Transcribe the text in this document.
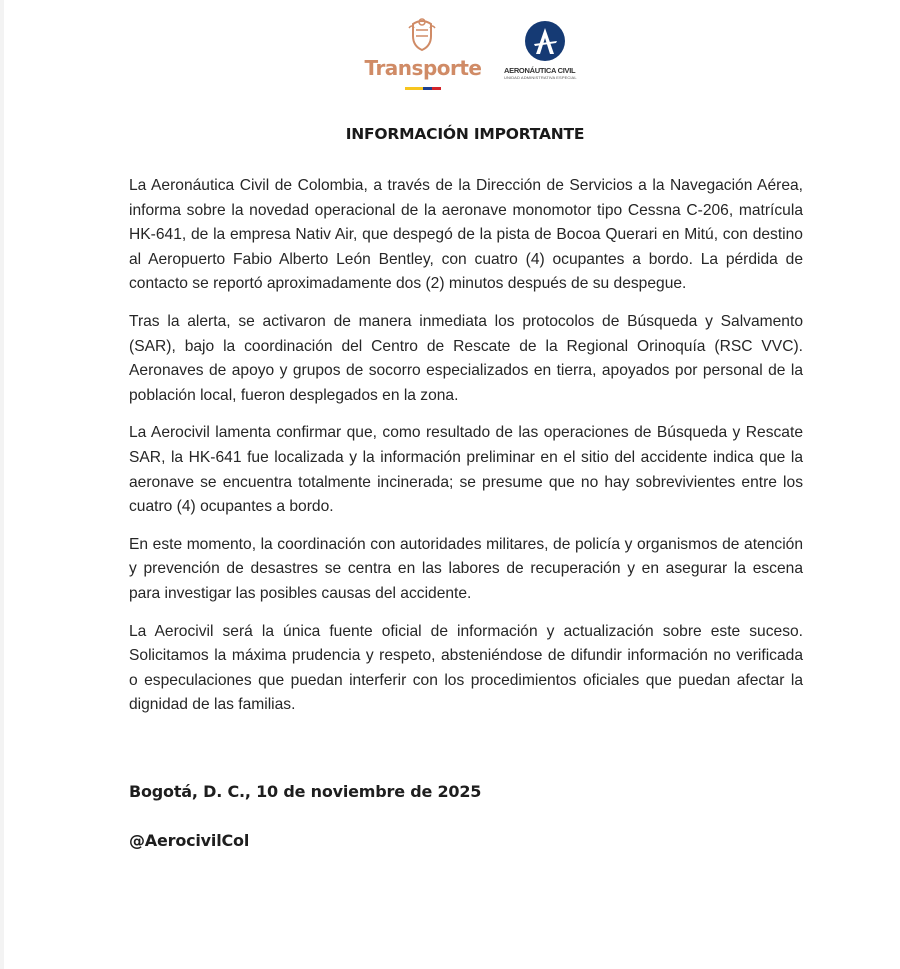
Transporte	AERONÁUTICA CIVIL
UNIDAD ADMINISTRATIVA ESPECIAL
INFORMACIÓN IMPORTANTE

La Aeronáutica Civil de Colombia, a través de la Dirección de Servicios a la Navegación Aérea, informa sobre la novedad operacional de la aeronave monomotor tipo Cessna C-206, matrícula HK-641, de la empresa Nativ Air, que despegó de la pista de Bocoa Querari en Mitú, con destino al Aeropuerto Fabio Alberto León Bentley, con cuatro (4) ocupantes a bordo. La pérdida de contacto se reportó aproximadamente dos (2) minutos después de su despegue.

Tras la alerta, se activaron de manera inmediata los protocolos de Búsqueda y Salvamento (SAR), bajo la coordinación del Centro de Rescate de la Regional Orinoquía (RSC VVC). Aeronaves de apoyo y grupos de socorro especializados en tierra, apoyados por personal de la población local, fueron desplegados en la zona.

La Aerocivil lamenta confirmar que, como resultado de las operaciones de Búsqueda y Rescate SAR, la HK-641 fue localizada y la información preliminar en el sitio del accidente indica que la aeronave se encuentra totalmente incinerada; se presume que no hay sobrevivientes entre los cuatro (4) ocupantes a bordo.

En este momento, la coordinación con autoridades militares, de policía y organismos de atención y prevención de desastres se centra en las labores de recuperación y en asegurar la escena para investigar las posibles causas del accidente.

La Aerocivil será la única fuente oficial de información y actualización sobre este suceso. Solicitamos la máxima prudencia y respeto, absteniéndose de difundir información no verificada o especulaciones que puedan interferir con los procedimientos oficiales que puedan afectar la dignidad de las familias.

Bogotá, D. C., 10 de noviembre de 2025
@AerocivilCol
